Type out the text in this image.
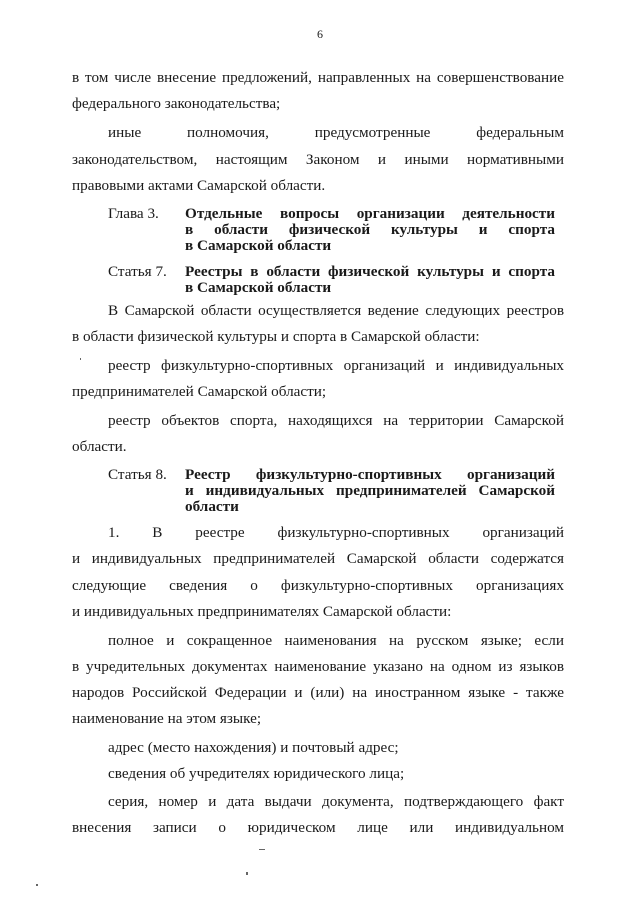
6
в том числе внесение предложений, направленных на совершенствование
федерального законодательства;
иные полномочия, предусмотренные федеральным
законодательством, настоящим Законом и иными нормативными
правовыми актами Самарской области.
Глава 3. Отдельные вопросы организации деятельности
в области физической культуры и спорта
в Самарской области
Статья 7. Реестры в области физической культуры и спорта
в Самарской области
В Самарской области осуществляется ведение следующих реестров
в области физической культуры и спорта в Самарской области:
реестр физкультурно-спортивных организаций и индивидуальных
предпринимателей Самарской области;
реестр объектов спорта, находящихся на территории Самарской
области.
Статья 8. Реестр физкультурно-спортивных организаций
и индивидуальных предпринимателей Самарской
области
1. В реестре физкультурно-спортивных организаций
и индивидуальных предпринимателей Самарской области содержатся
следующие сведения о физкультурно-спортивных организациях
и индивидуальных предпринимателях Самарской области:
полное и сокращенное наименования на русском языке; если
в учредительных документах наименование указано на одном из языков
народов Российской Федерации и (или) на иностранном языке - также
наименование на этом языке;
адрес (место нахождения) и почтовый адрес;
сведения об учредителях юридического лица;
серия, номер и дата выдачи документа, подтверждающего факт
внесения записи о юридическом лице или индивидуальном
